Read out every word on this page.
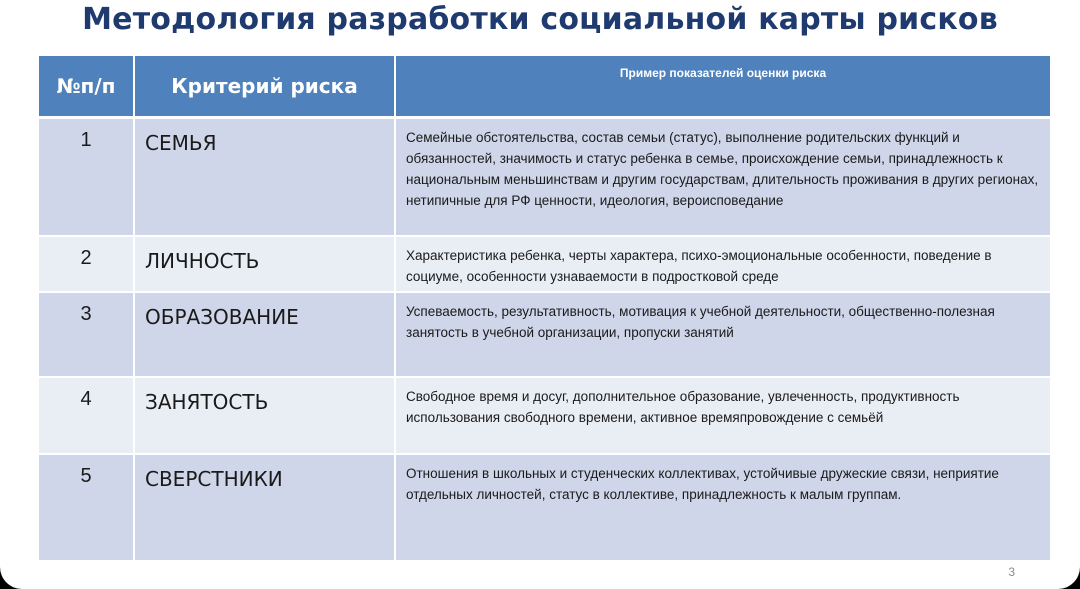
Методология разработки социальной карты рисков
№п/п	Критерий риска	Пример показателей оценки риска
1	СЕМЬЯ	Семейные обстоятельства, состав семьи (статус), выполнение родительских функций и обязанностей, значимость и статус ребенка в семье, происхождение семьи, принадлежность к национальным меньшинствам и другим государствам, длительность проживания в других регионах, нетипичные для РФ ценности, идеология, вероисповедание
2	ЛИЧНОСТЬ	Характеристика ребенка, черты характера, психо-эмоциональные особенности, поведение в социуме, особенности узнаваемости в подростковой среде
3	ОБРАЗОВАНИЕ	Успеваемость, результативность, мотивация к учебной деятельности, общественно-полезная занятость в учебной организации, пропуски занятий
4	ЗАНЯТОСТЬ	Свободное время и досуг, дополнительное образование, увлеченность, продуктивность использования свободного времени, активное времяпровождение с семьёй
5	СВЕРСТНИКИ	Отношения в школьных и студенческих коллективах, устойчивые дружеские связи, неприятие отдельных личностей, статус в коллективе, принадлежность к малым группам.
3
